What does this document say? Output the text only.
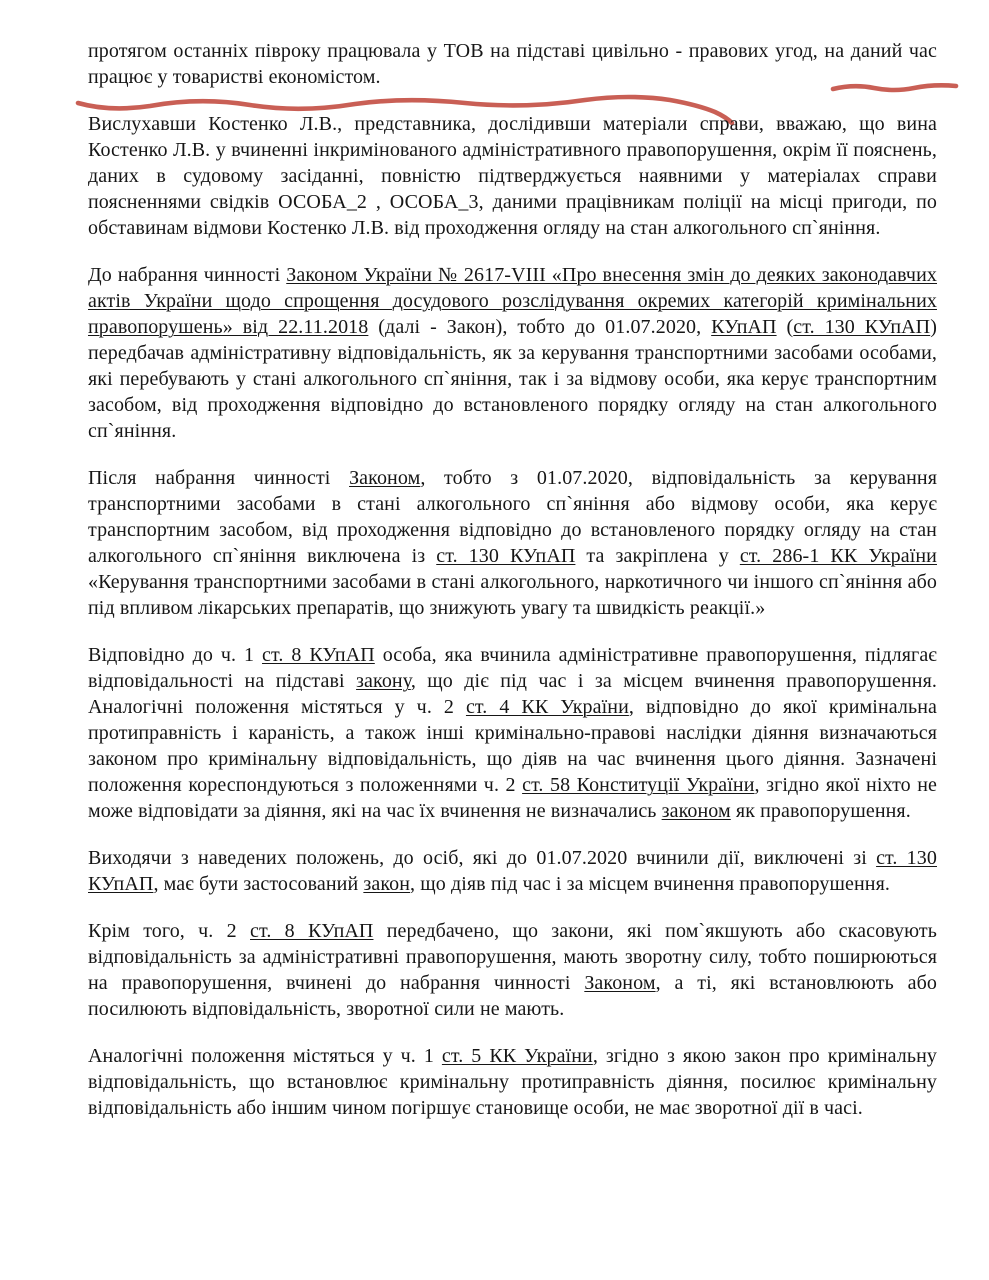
протягом останніх півроку працювала у ТОВ на підставі цивільно - правових угод, на даний час працює у товаристві економістом.

Вислухавши Костенко Л.В., представника, дослідивши матеріали справи, вважаю, що вина Костенко Л.В. у вчиненні інкримінованого адміністративного правопорушення, окрім її пояснень, даних в судовому засіданні, повністю підтверджується наявними у матеріалах справи поясненнями свідків ОСОБА_2 , ОСОБА_3, даними працівникам поліції на місці пригоди, по обставинам відмови Костенко Л.В. від проходження огляду на стан алкогольного сп`яніння.

До набрання чинності Законом України № 2617-VIII «Про внесення змін до деяких законодавчих актів України щодо спрощення досудового розслідування окремих категорій кримінальних правопорушень» від 22.11.2018 (далі - Закон), тобто до 01.07.2020, КУпАП (ст. 130 КУпАП) передбачав адміністративну відповідальність, як за керування транспортними засобами особами, які перебувають у стані алкогольного сп`яніння, так і за відмову особи, яка керує транспортним засобом, від проходження відповідно до встановленого порядку огляду на стан алкогольного сп`яніння.

Після набрання чинності Законом, тобто з 01.07.2020, відповідальність за керування транспортними засобами в стані алкогольного сп`яніння або відмову особи, яка керує транспортним засобом, від проходження відповідно до встановленого порядку огляду на стан алкогольного сп`яніння виключена із ст. 130 КУпАП та закріплена у ст. 286-1 КК України «Керування транспортними засобами в стані алкогольного, наркотичного чи іншого сп`яніння або під впливом лікарських препаратів, що знижують увагу та швидкість реакції.»

Відповідно до ч. 1 ст. 8 КУпАП особа, яка вчинила адміністративне правопорушення, підлягає відповідальності на підставі закону, що діє під час і за місцем вчинення правопорушення. Аналогічні положення містяться у ч. 2 ст. 4 КК України, відповідно до якої кримінальна протиправність і караність, а також інші кримінально-правові наслідки діяння визначаються законом про кримінальну відповідальність, що діяв на час вчинення цього діяння. Зазначені положення кореспондуються з положеннями ч. 2 ст. 58 Конституції України, згідно якої ніхто не може відповідати за діяння, які на час їх вчинення не визначались законом як правопорушення.

Виходячи з наведених положень, до осіб, які до 01.07.2020 вчинили дії, виключені зі ст. 130 КУпАП, має бути застосований закон, що діяв під час і за місцем вчинення правопорушення.

Крім того, ч. 2 ст. 8 КУпАП передбачено, що закони, які пом`якшують або скасовують відповідальність за адміністративні правопорушення, мають зворотну силу, тобто поширюються на правопорушення, вчинені до набрання чинності Законом, а ті, які встановлюють або посилюють відповідальність, зворотної сили не мають.

Аналогічні положення містяться у ч. 1 ст. 5 КК України, згідно з якою закон про кримінальну відповідальність, що встановлює кримінальну протиправність діяння, посилює кримінальну відповідальність або іншим чином погіршує становище особи, не має зворотної дії в часі.
